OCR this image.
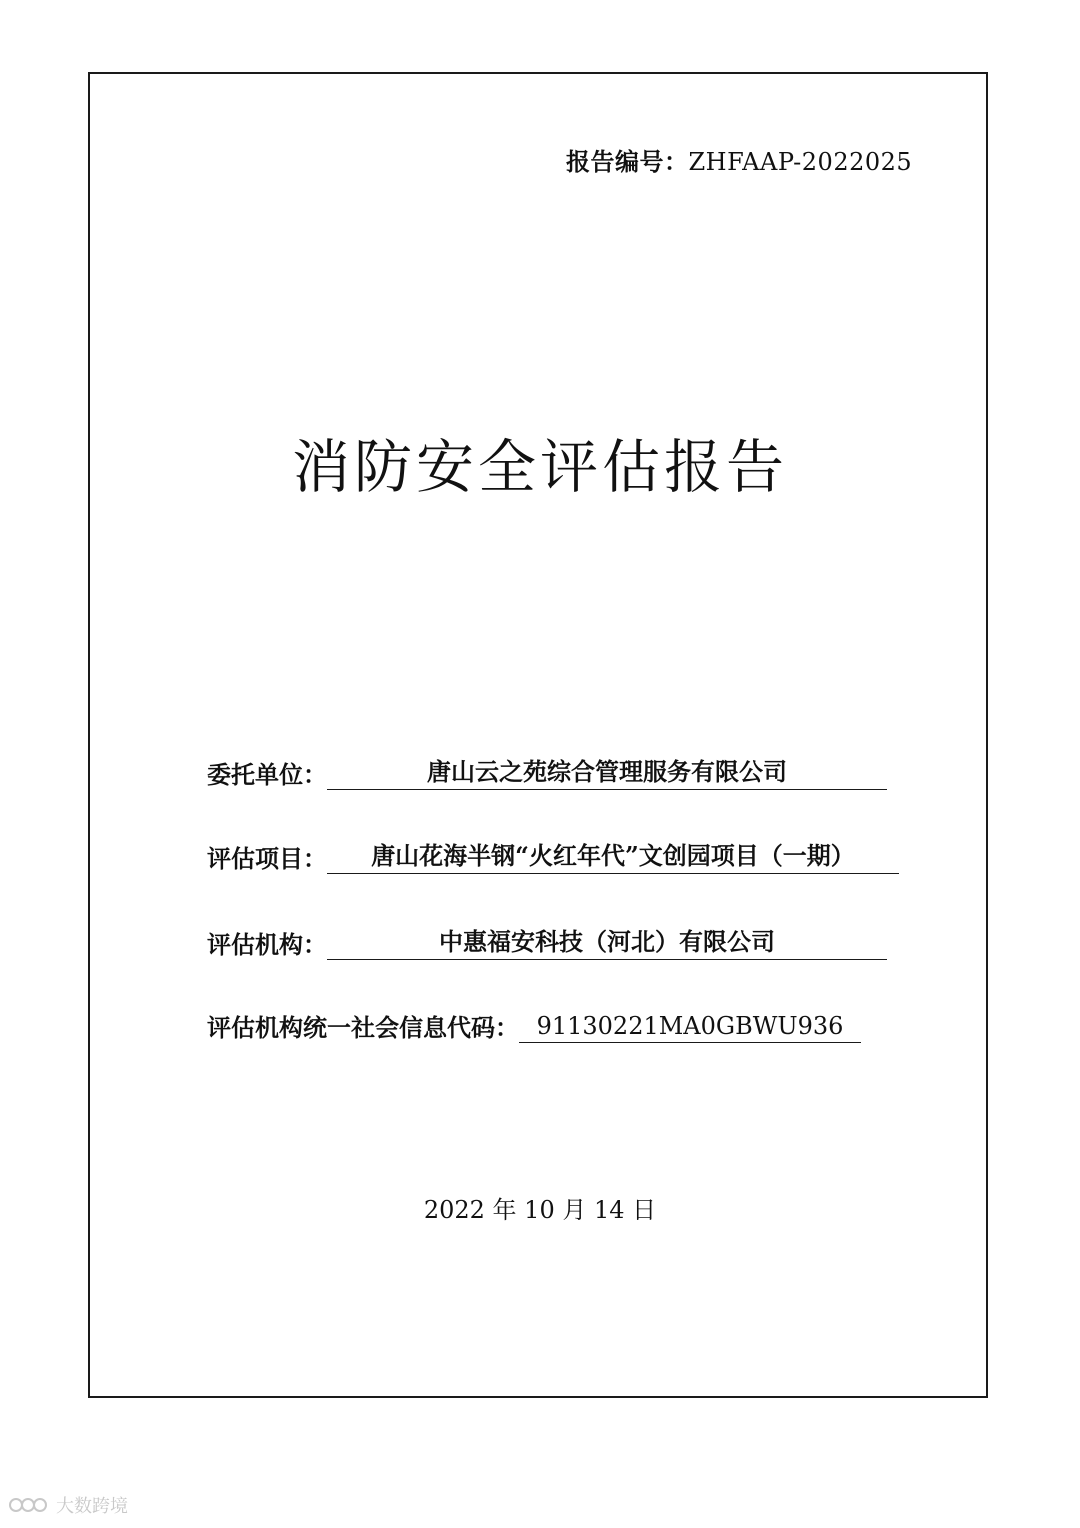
报告编号：ZHFAAP-2022025
消防安全评估报告
委托单位：	唐山云之苑综合管理服务有限公司
评估项目：	唐山花海半钢“火红年代”文创园项目（一期）
评估机构：	中惠福安科技（河北）有限公司
评估机构统一社会信息代码： 91130221MA0GBWU936
2022 年 10 月 14 日
大数跨境
